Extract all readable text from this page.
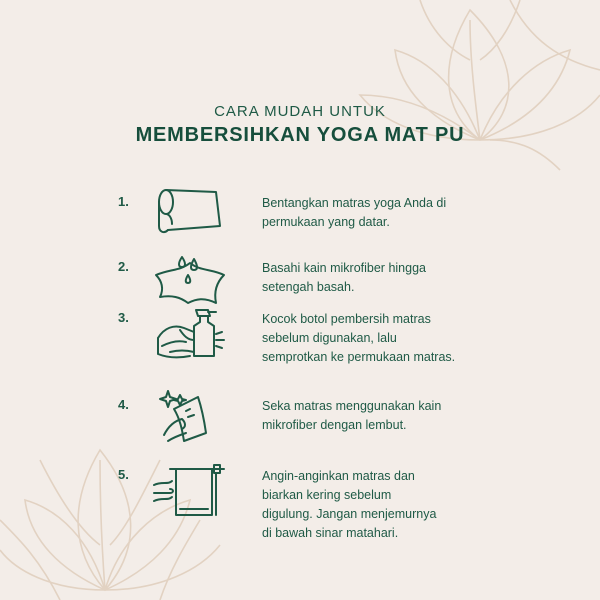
CARA MUDAH UNTUK
MEMBERSIHKAN YOGA MAT PU
1.	Bentangkan matras yoga Anda di
permukaan yang datar.
2.	Basahi kain mikrofiber hingga
setengah basah.
3.	Kocok botol pembersih matras
sebelum digunakan, lalu
semprotkan ke permukaan matras.
4.	Seka matras menggunakan kain
mikrofiber dengan lembut.
5.	Angin-anginkan matras dan
biarkan kering sebelum
digulung. Jangan menjemurnya
di bawah sinar matahari.
